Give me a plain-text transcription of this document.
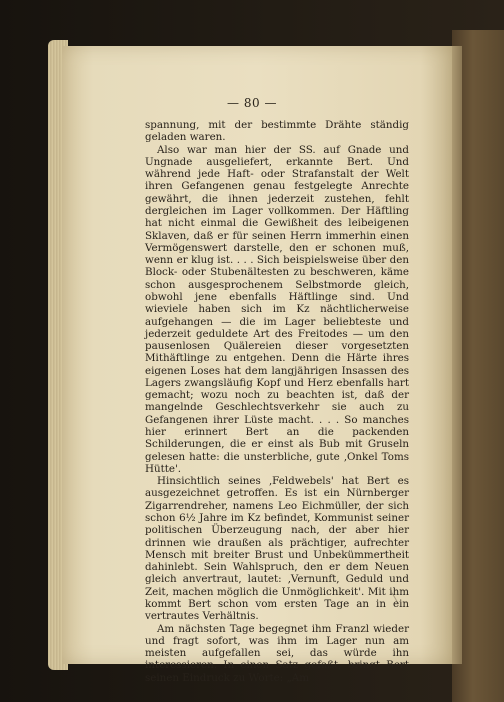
— 80 —

spannung, mit der bestimmte Drähte ständig geladen waren.

Also war man hier der SS. auf Gnade und Ungnade ausgeliefert, erkannte Bert. Und während jede Haft- oder Strafanstalt der Welt ihren Gefangenen genau festgelegte Anrechte gewährt, die ihnen jederzeit zustehen, fehlt dergleichen im Lager vollkommen. Der Häftling hat nicht einmal die Gewißheit des leibeigenen Sklaven, daß er für seinen Herrn immerhin einen Vermögenswert darstelle, den er schonen muß, wenn er klug ist. . . . Sich beispielsweise über den Block- oder Stubenältesten zu beschweren, käme schon ausgesprochenem Selbstmorde gleich, obwohl jene ebenfalls Häftlinge sind. Und wieviele haben sich im Kz nächtlicherweise aufgehangen — die im Lager beliebteste und jederzeit geduldete Art des Freitodes — um den pausenlosen Quälereien dieser vorgesetzten Mithäftlinge zu entgehen. Denn die Härte ihres eigenen Loses hat dem langjährigen Insassen des Lagers zwangsläufig Kopf und Herz ebenfalls hart gemacht; wozu noch zu beachten ist, daß der mangelnde Geschlechtsverkehr sie auch zu Gefangenen ihrer Lüste macht. . . . So manches hier erinnert Bert an die packenden Schilderungen, die er einst als Bub mit Gruseln gelesen hatte: die unsterbliche, gute ‚Onkel Toms Hütte'.

Hinsichtlich seines ‚Feldwebels' hat Bert es ausgezeichnet getroffen. Es ist ein Nürnberger Zigarrendreher, namens Leo Eichmüller, der sich schon 6½ Jahre im Kz befindet, Kommunist seiner politischen Überzeugung nach, der aber hier drinnen wie draußen als prächtiger, aufrechter Mensch mit breiter Brust und Unbekümmertheit dahinlebt. Sein Wahlspruch, den er dem Neuen gleich anvertraut, lautet: ‚Vernunft, Geduld und Zeit, machen möglich die Unmöglichkeit'. Mit ihm kommt Bert schon vom ersten Tage an in ein vertrautes Verhältnis.

Am nächsten Tage begegnet ihm Franzl wieder und fragt sofort, was ihm im Lager nun am meisten aufgefallen sei, das würde ihn interessieren. In einen Satz gefaßt, bringt Bert seinen Eindruck zu Worte: „Am
